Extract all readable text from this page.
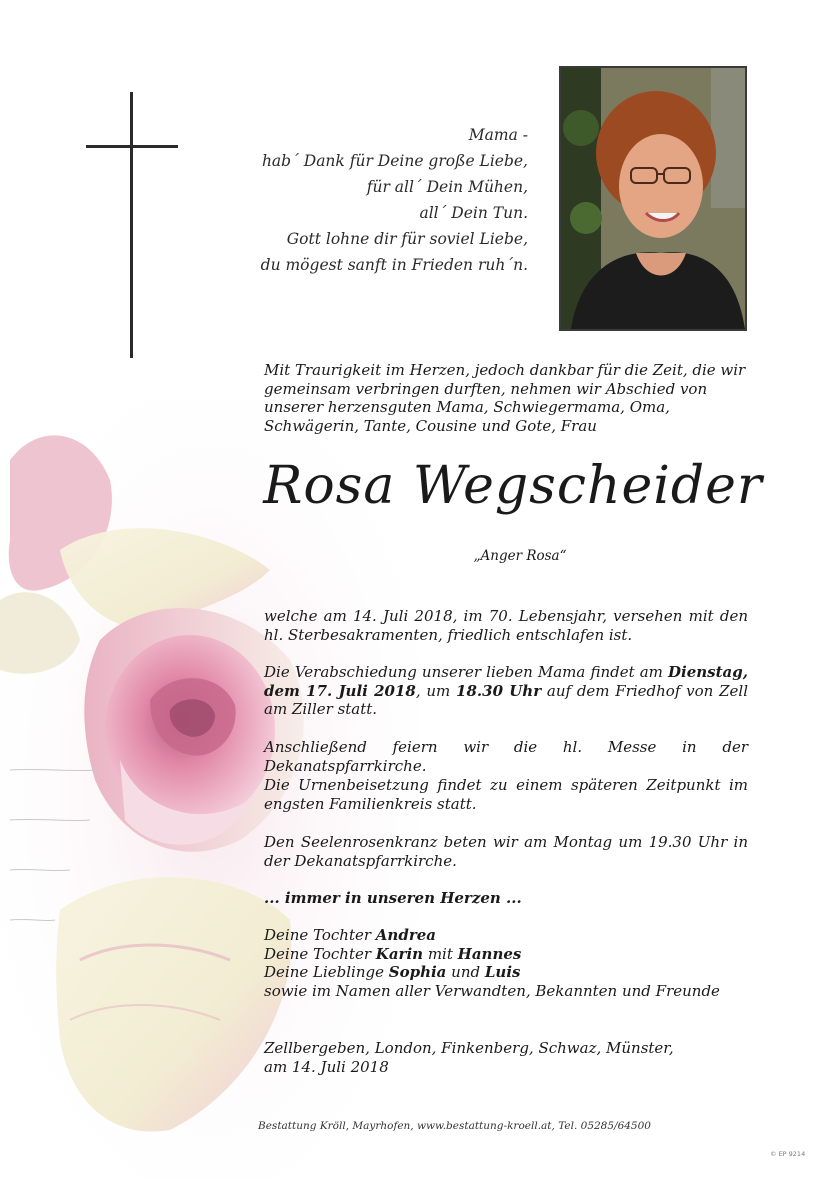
Mama -
hab´ Dank für Deine große Liebe,
für all´ Dein Mühen,
all´ Dein Tun.
Gott lohne dir für soviel Liebe,
du mögest sanft in Frieden ruh´n.
Mit Traurigkeit im Herzen, jedoch dankbar für die Zeit, die wir gemeinsam verbringen durften, nehmen wir Abschied von unserer herzensguten Mama, Schwiegermama, Oma, Schwägerin, Tante, Cousine und Gote, Frau
Rosa Wegscheider
„Anger Rosa“
welche am 14. Juli 2018, im 70. Lebensjahr, versehen mit den hl. Sterbesakramenten, friedlich entschlafen ist.
Die Verabschiedung unserer lieben Mama findet am Dienstag, dem 17. Juli 2018, um 18.30 Uhr auf dem Friedhof von Zell am Ziller statt.
Anschließend feiern wir die hl. Messe in der Dekanatspfarrkirche.
Die Urnenbeisetzung findet zu einem späteren Zeitpunkt im engsten Familienkreis statt.
Den Seelenrosenkranz beten wir am Montag um 19.30 Uhr in der Dekanatspfarrkirche.
... immer in unseren Herzen ...
Deine Tochter Andrea
Deine Tochter Karin mit Hannes
Deine Lieblinge Sophia und Luis
sowie im Namen aller Verwandten, Bekannten und Freunde
Zellbergeben, London, Finkenberg, Schwaz, Münster,
am 14. Juli 2018
Bestattung Kröll, Mayrhofen, www.bestattung-kroell.at, Tel. 05285/64500
© EP 9214
